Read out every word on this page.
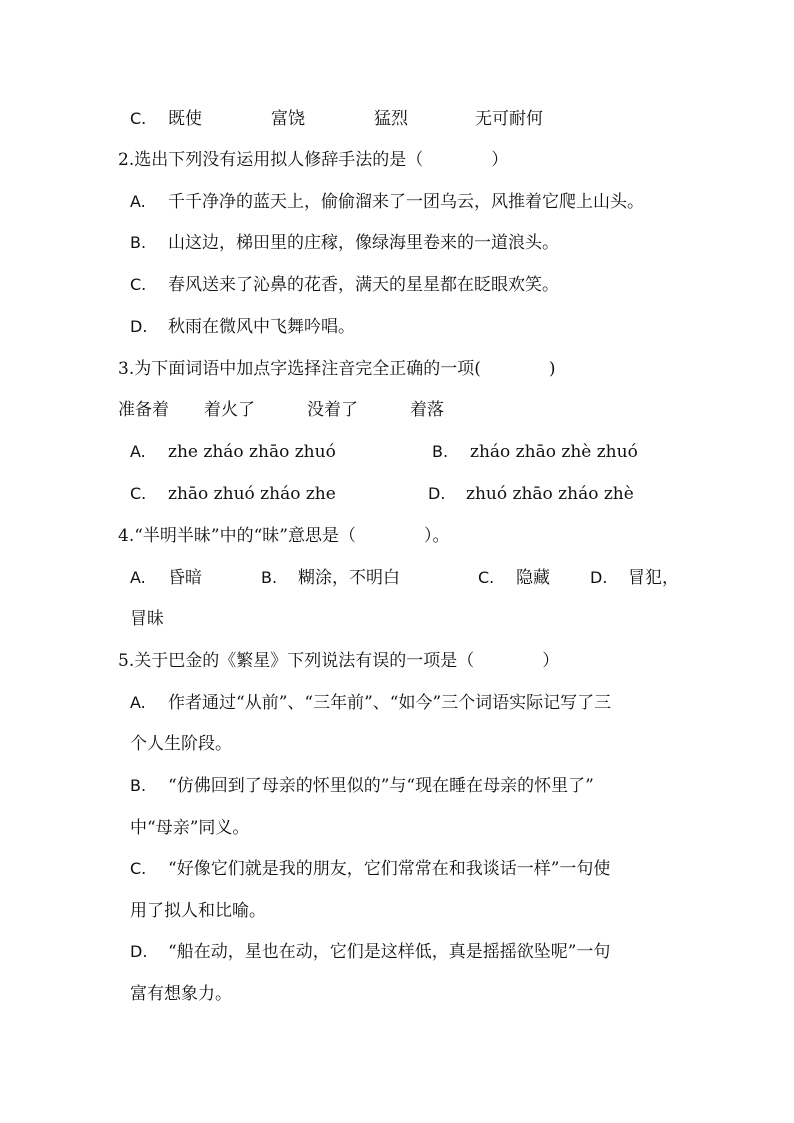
C. 既使	富饶	猛烈	无可耐何
2.选出下列没有运用拟人修辞手法的是（　　　　）
A. 千千净净的蓝天上，偷偷溜来了一团乌云，风推着它爬上山头。
B. 山这边，梯田里的庄稼，像绿海里卷来的一道浪头。
C. 春风送来了沁鼻的花香，满天的星星都在眨眼欢笑。
D. 秋雨在微风中飞舞吟唱。
3.为下面词语中加点字选择注音完全正确的一项(　　　　)
准备着 着火了	没着了	着落
A. zhe zháo zhāo zhuó	B. zháo zhāo zhè zhuó
C. zhāo zhuó zháo zhe	D. zhuó zhāo zháo zhè
4.“半明半昧”中的“昧”意思是（　　　　）。
A. 昏暗	B. 糊涂，不明白	C. 隐藏	D. 冒犯，
冒昧
5.关于巴金的《繁星》下列说法有误的一项是（　　　　）
A. 作者通过“从前”、“三年前”、“如今”三个词语实际记写了三
个人生阶段。
B. “仿佛回到了母亲的怀里似的”与“现在睡在母亲的怀里了”
中“母亲”同义。
C. “好像它们就是我的朋友，它们常常在和我谈话一样”一句使
用了拟人和比喻。
D. “船在动，星也在动，它们是这样低，真是摇摇欲坠呢”一句
富有想象力。
